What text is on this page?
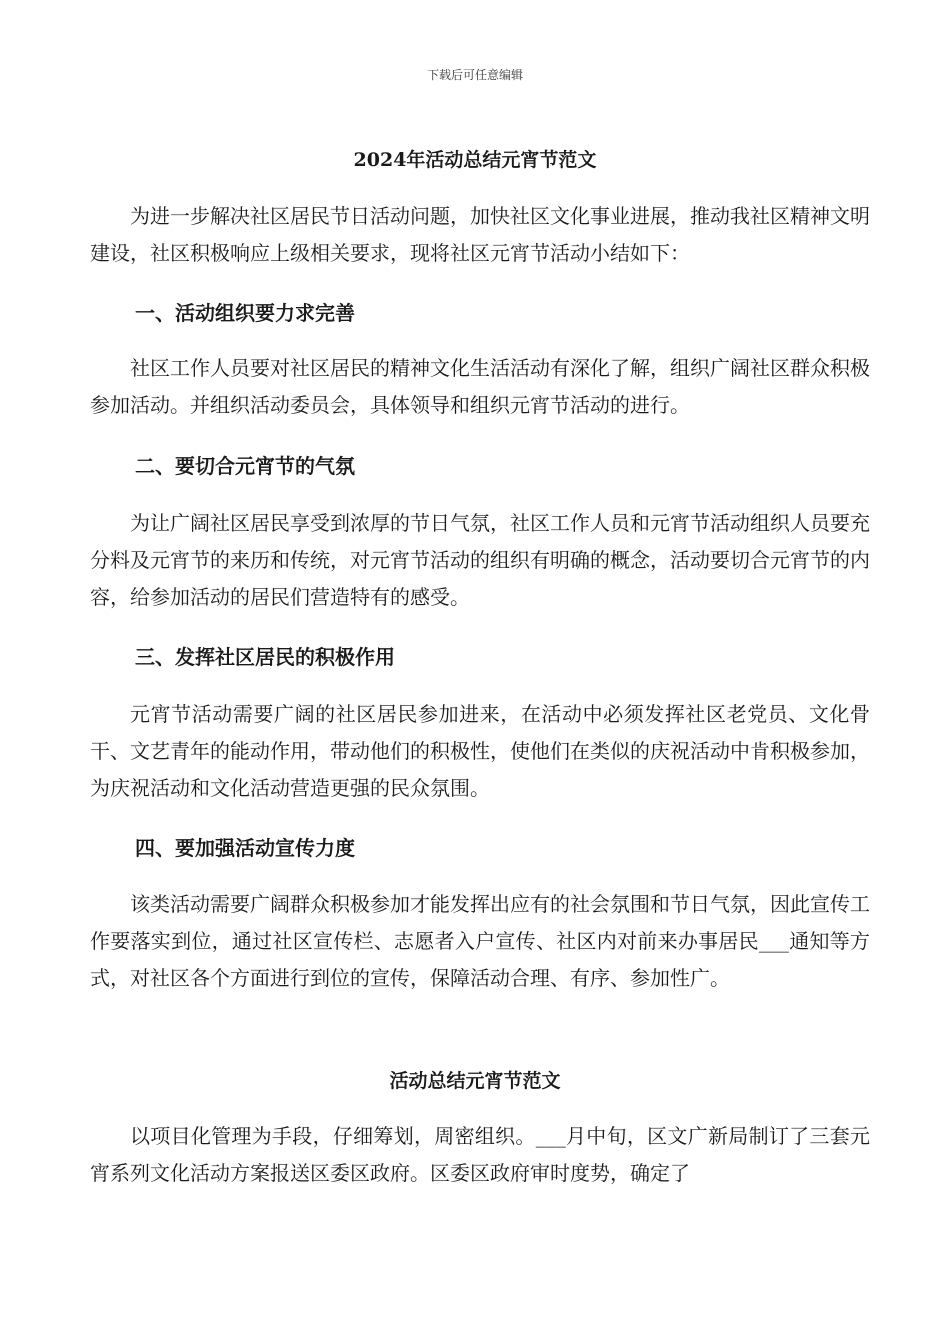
下载后可任意编辑
2024年活动总结元宵节范文

为进一步解决社区居民节日活动问题，加快社区文化事业进展，推动我社区精神文明建设，社区积极响应上级相关要求，现将社区元宵节活动小结如下：

一、活动组织要力求完善

社区工作人员要对社区居民的精神文化生活活动有深化了解，组织广阔社区群众积极参加活动。并组织活动委员会，具体领导和组织元宵节活动的进行。

二、要切合元宵节的气氛

为让广阔社区居民享受到浓厚的节日气氛，社区工作人员和元宵节活动组织人员要充分料及元宵节的来历和传统，对元宵节活动的组织有明确的概念，活动要切合元宵节的内容，给参加活动的居民们营造特有的感受。

三、发挥社区居民的积极作用

元宵节活动需要广阔的社区居民参加进来，在活动中必须发挥社区老党员、文化骨干、文艺青年的能动作用，带动他们的积极性，使他们在类似的庆祝活动中肯积极参加，为庆祝活动和文化活动营造更强的民众氛围。

四、要加强活动宣传力度

该类活动需要广阔群众积极参加才能发挥出应有的社会氛围和节日气氛，因此宣传工作要落实到位，通过社区宣传栏、志愿者入户宣传、社区内对前来办事居民___通知等方式，对社区各个方面进行到位的宣传，保障活动合理、有序、参加性广。

活动总结元宵节范文

以项目化管理为手段，仔细筹划，周密组织。___月中旬，区文广新局制订了三套元宵系列文化活动方案报送区委区政府。区委区政府审时度势，确定了
